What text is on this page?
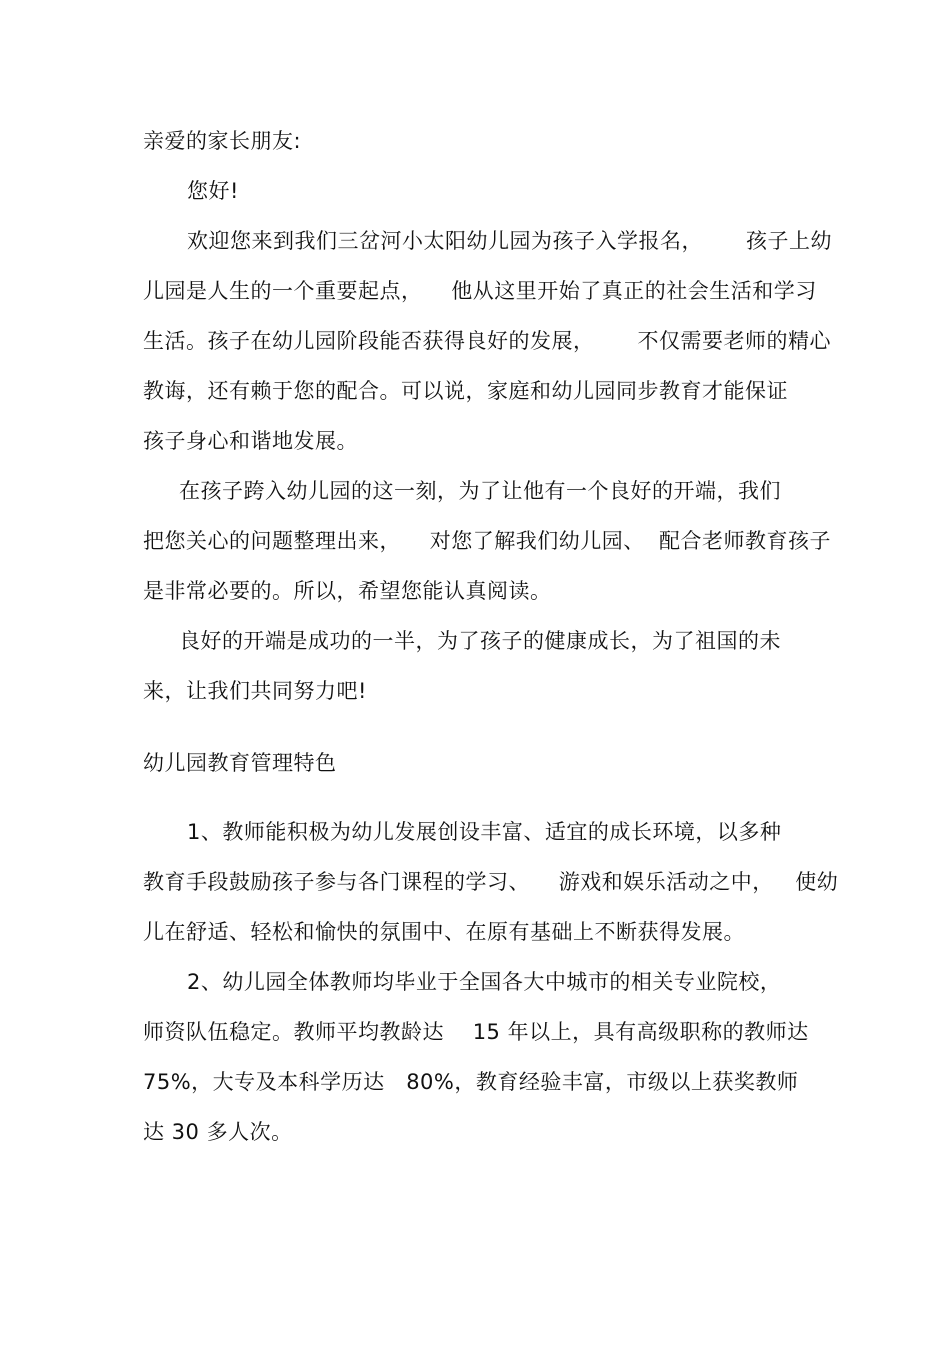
亲爱的家长朋友:
您好!
欢迎您来到我们三岔河小太阳幼儿园为孩子入学报名，      孩子上幼
儿园是人生的一个重要起点，    他从这里开始了真正的社会生活和学习
生活。孩子在幼儿园阶段能否获得良好的发展，      不仅需要老师的精心
教诲，还有赖于您的配合。可以说，家庭和幼儿园同步教育才能保证
孩子身心和谐地发展。
在孩子跨入幼儿园的这一刻，为了让他有一个良好的开端，我们
把您关心的问题整理出来，    对您了解我们幼儿园、  配合老师教育孩子
是非常必要的。所以，希望您能认真阅读。
良好的开端是成功的一半，为了孩子的健康成长，为了祖国的未
来，让我们共同努力吧!
幼儿园教育管理特色
1、教师能积极为幼儿发展创设丰富、适宜的成长环境，以多种
教育手段鼓励孩子参与各门课程的学习、    游戏和娱乐活动之中，   使幼
儿在舒适、轻松和愉快的氛围中、在原有基础上不断获得发展。
2、幼儿园全体教师均毕业于全国各大中城市的相关专业院校，
师资队伍稳定。教师平均教龄达    15 年以上，具有高级职称的教师达
75%，大专及本科学历达   80%，教育经验丰富，市级以上获奖教师
达 30 多人次。
